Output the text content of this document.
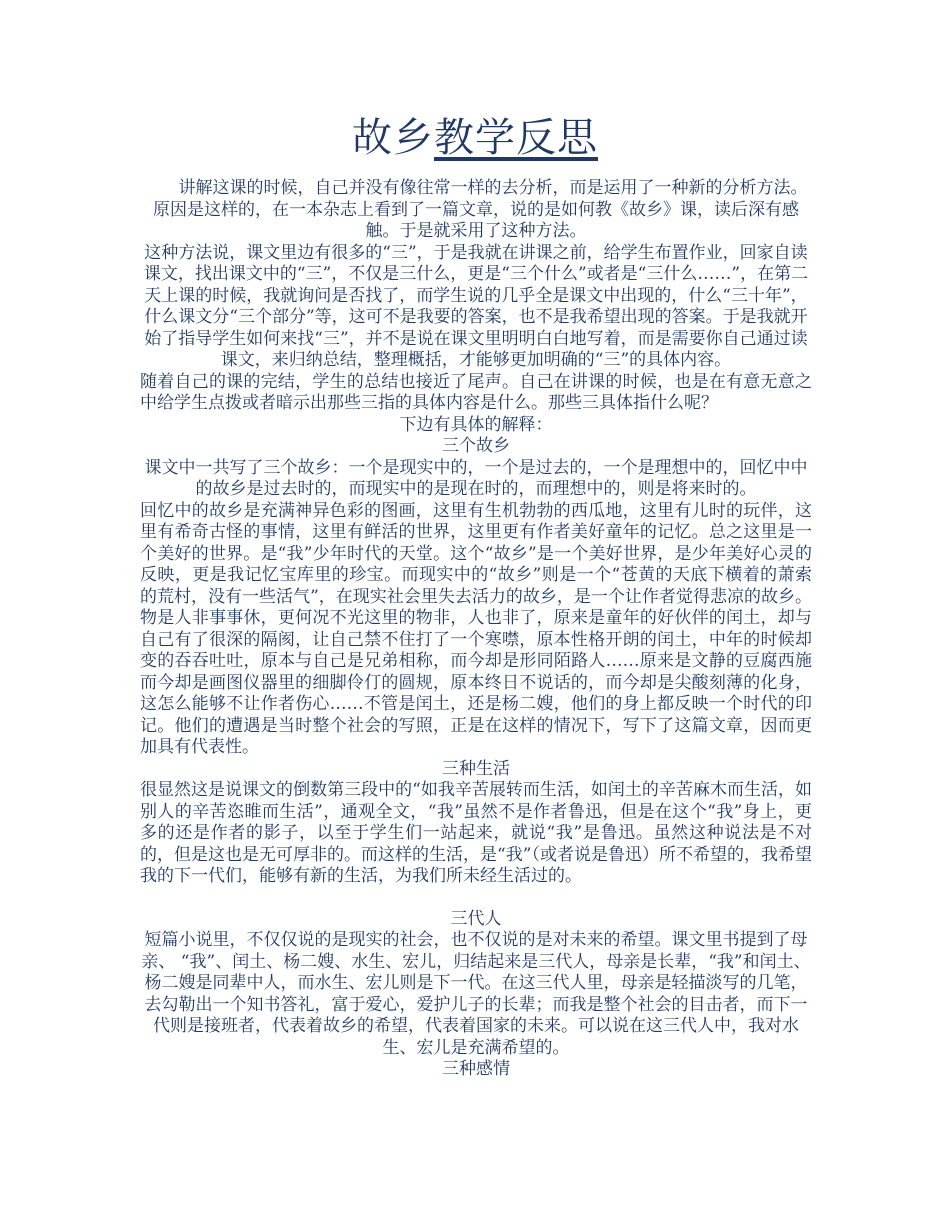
故乡教学反思

讲解这课的时候，自己并没有像往常一样的去分析，而是运用了一种新的分析方法。

原因是这样的，在一本杂志上看到了一篇文章，说的是如何教《故乡》课，读后深有感触。于是就采用了这种方法。

这种方法说，课文里边有很多的“三”，于是我就在讲课之前，给学生布置作业，回家自读课文，找出课文中的“三”，不仅是三什么，更是“三个什么”或者是“三什么……”，在第二天上课的时候，我就询问是否找了，而学生说的几乎全是课文中出现的，什么“三十年”，什么课文分“三个部分”等，这可不是我要的答案，也不是我希望出现的答案。于是我就开始了指导学生如何来找“三”，并不是说在课文里明明白白地写着，而是需要你自己通过读课文，来归纳总结，整理概括，才能够更加明确的“三”的具体内容。

随着自己的课的完结，学生的总结也接近了尾声。自己在讲课的时候，也是在有意无意之中给学生点拨或者暗示出那些三指的具体内容是什么。那些三具体指什么呢？

下边有具体的解释：

三个故乡

课文中一共写了三个故乡：一个是现实中的，一个是过去的，一个是理想中的，回忆中中的故乡是过去时的，而现实中的是现在时的，而理想中的，则是将来时的。

回忆中的故乡是充满神异色彩的图画，这里有生机勃勃的西瓜地，这里有儿时的玩伴，这里有希奇古怪的事情，这里有鲜活的世界，这里更有作者美好童年的记忆。总之这里是一个美好的世界。是“我”少年时代的天堂。这个“故乡”是一个美好世界，是少年美好心灵的反映，更是我记忆宝库里的珍宝。而现实中的“故乡”则是一个“苍黄的天底下横着的萧索的荒村，没有一些活气”，在现实社会里失去活力的故乡，是一个让作者觉得悲凉的故乡。物是人非事事休，更何况不光这里的物非，人也非了，原来是童年的好伙伴的闰土，却与自己有了很深的隔阂，让自己禁不住打了一个寒噤，原本性格开朗的闰土，中年的时候却变的吞吞吐吐，原本与自己是兄弟相称，而今却是形同陌路人……原来是文静的豆腐西施而今却是画图仪器里的细脚伶仃的圆规，原本终日不说话的，而今却是尖酸刻薄的化身，这怎么能够不让作者伤心……不管是闰土，还是杨二嫂，他们的身上都反映一个时代的印记。他们的遭遇是当时整个社会的写照，正是在这样的情况下，写下了这篇文章，因而更加具有代表性。

三种生活

很显然这是说课文的倒数第三段中的“如我辛苦展转而生活，如闰土的辛苦麻木而生活，如别人的辛苦恣睢而生活”，通观全文，“我”虽然不是作者鲁迅，但是在这个“我”身上，更多的还是作者的影子，以至于学生们一站起来，就说“我”是鲁迅。虽然这种说法是不对的，但是这也是无可厚非的。而这样的生活，是“我”（或者说是鲁迅）所不希望的，我希望我的下一代们，能够有新的生活，为我们所未经生活过的。

三代人

短篇小说里，不仅仅说的是现实的社会，也不仅说的是对未来的希望。课文里书提到了母亲、 “我”、闰土、杨二嫂、水生、宏儿，归结起来是三代人，母亲是长辈，“我”和闰土、杨二嫂是同辈中人，而水生、宏儿则是下一代。在这三代人里，母亲是轻描淡写的几笔，去勾勒出一个知书答礼，富于爱心，爱护儿子的长辈；而我是整个社会的目击者，而下一代则是接班者，代表着故乡的希望，代表着国家的未来。可以说在这三代人中，我对水生、宏儿是充满希望的。

三种感情
